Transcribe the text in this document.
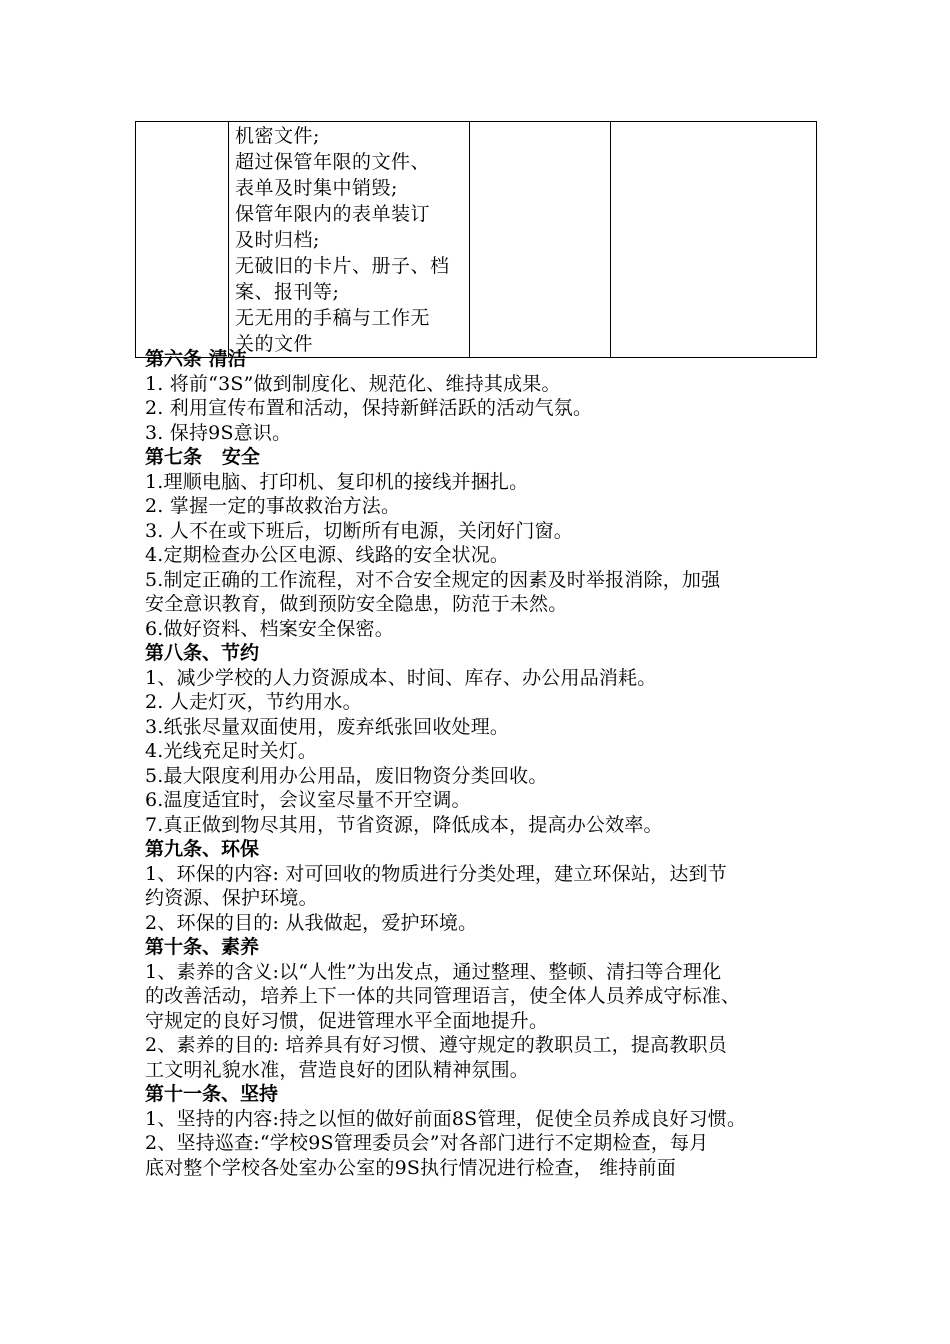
机密文件;
超过保管年限的文件、
表单及时集中销毁;
保管年限内的表单装订
及时归档;
无破旧的卡片、册子、档
案、报刊等;
无无用的手稿与工作无
关的文件

第六条 清洁
1. 将前“3S”做到制度化、规范化、维持其成果。
2. 利用宣传布置和活动，保持新鲜活跃的活动气氛。
3. 保持9S意识。
第七条   安全
1.理顺电脑、打印机、复印机的接线并捆扎。
2. 掌握一定的事故救治方法。
3. 人不在或下班后，切断所有电源，关闭好门窗。
4.定期检查办公区电源、线路的安全状况。
5.制定正确的工作流程，对不合安全规定的因素及时举报消除，加强
安全意识教育，做到预防安全隐患，防范于未然。
6.做好资料、档案安全保密。
第八条、节约
1、减少学校的人力资源成本、时间、库存、办公用品消耗。
2. 人走灯灭，节约用水。
3.纸张尽量双面使用，废弃纸张回收处理。
4.光线充足时关灯。
5.最大限度利用办公用品，废旧物资分类回收。
6.温度适宜时，会议室尽量不开空调。
7.真正做到物尽其用，节省资源，降低成本，提高办公效率。
第九条、环保
1、环保的内容: 对可回收的物质进行分类处理，建立环保站，达到节
约资源、保护环境。
2、环保的目的: 从我做起，爱护环境。
第十条、素养
1、素养的含义:以“人性”为出发点，通过整理、整顿、清扫等合理化
的改善活动，培养上下一体的共同管理语言，使全体人员养成守标准、
守规定的良好习惯，促进管理水平全面地提升。
2、素养的目的: 培养具有好习惯、遵守规定的教职员工，提高教职员
工文明礼貌水准，营造良好的团队精神氛围。
第十一条、坚持
1、坚持的内容:持之以恒的做好前面8S管理，促使全员养成良好习惯。
2、坚持巡查:“学校9S管理委员会”对各部门进行不定期检查，每月
底对整个学校各处室办公室的9S执行情况进行检查， 维持前面
